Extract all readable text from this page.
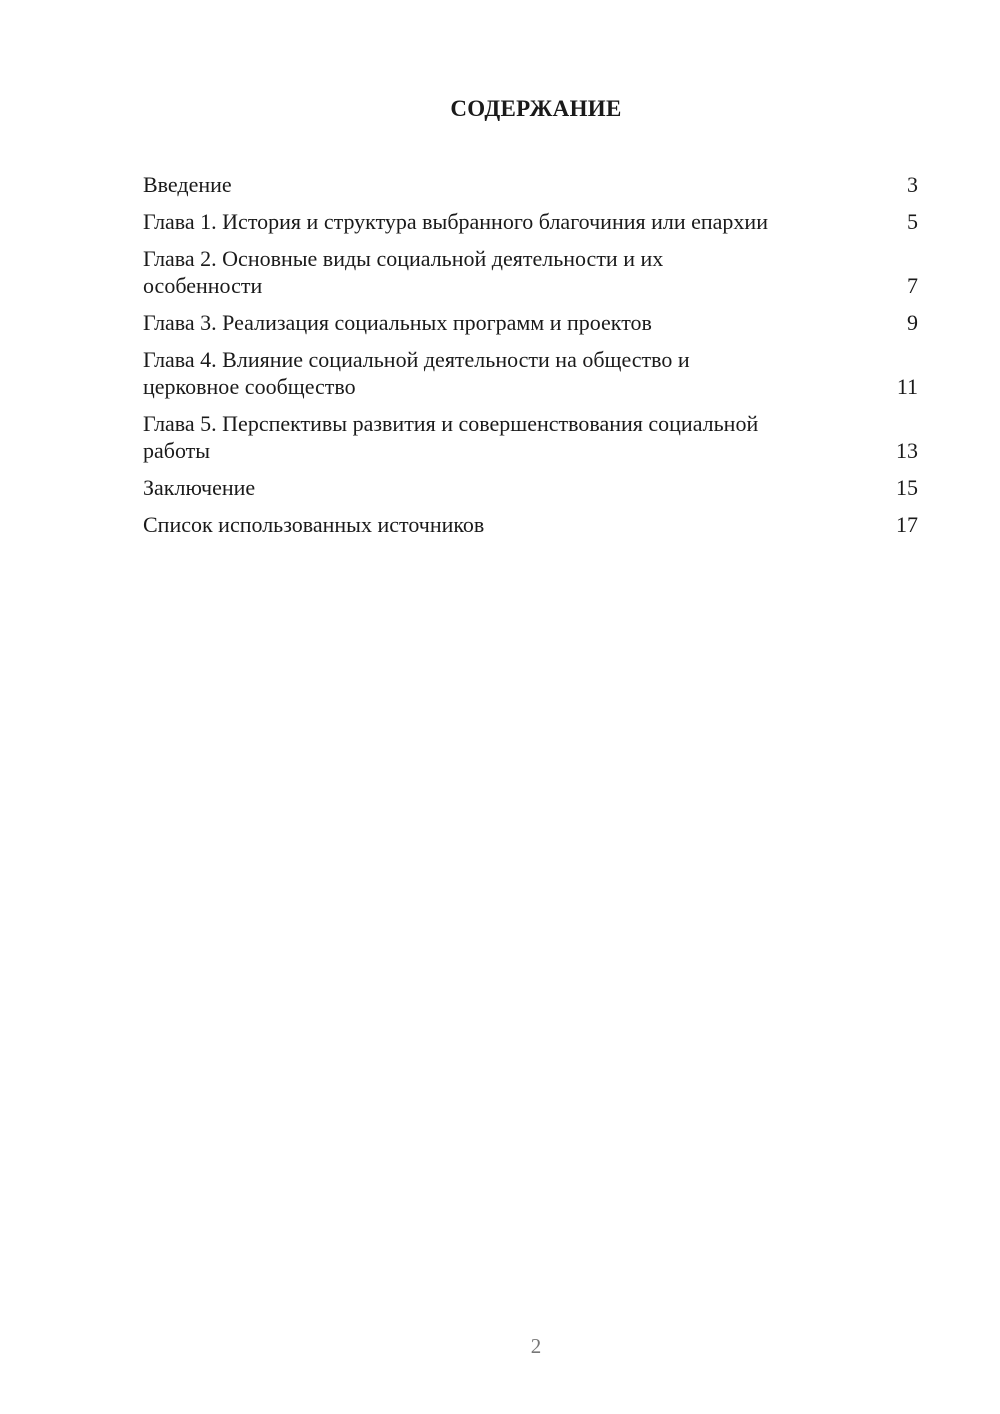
СОДЕРЖАНИЕ
Введение	3
Глава 1. История и структура выбранного благочиния или епархии	5
Глава 2. Основные виды социальной деятельности и их особенности	7
Глава 3. Реализация социальных программ и проектов	9
Глава 4. Влияние социальной деятельности на общество и церковное сообщество	11
Глава 5. Перспективы развития и совершенствования социальной работы	13
Заключение	15
Список использованных источников	17
2
